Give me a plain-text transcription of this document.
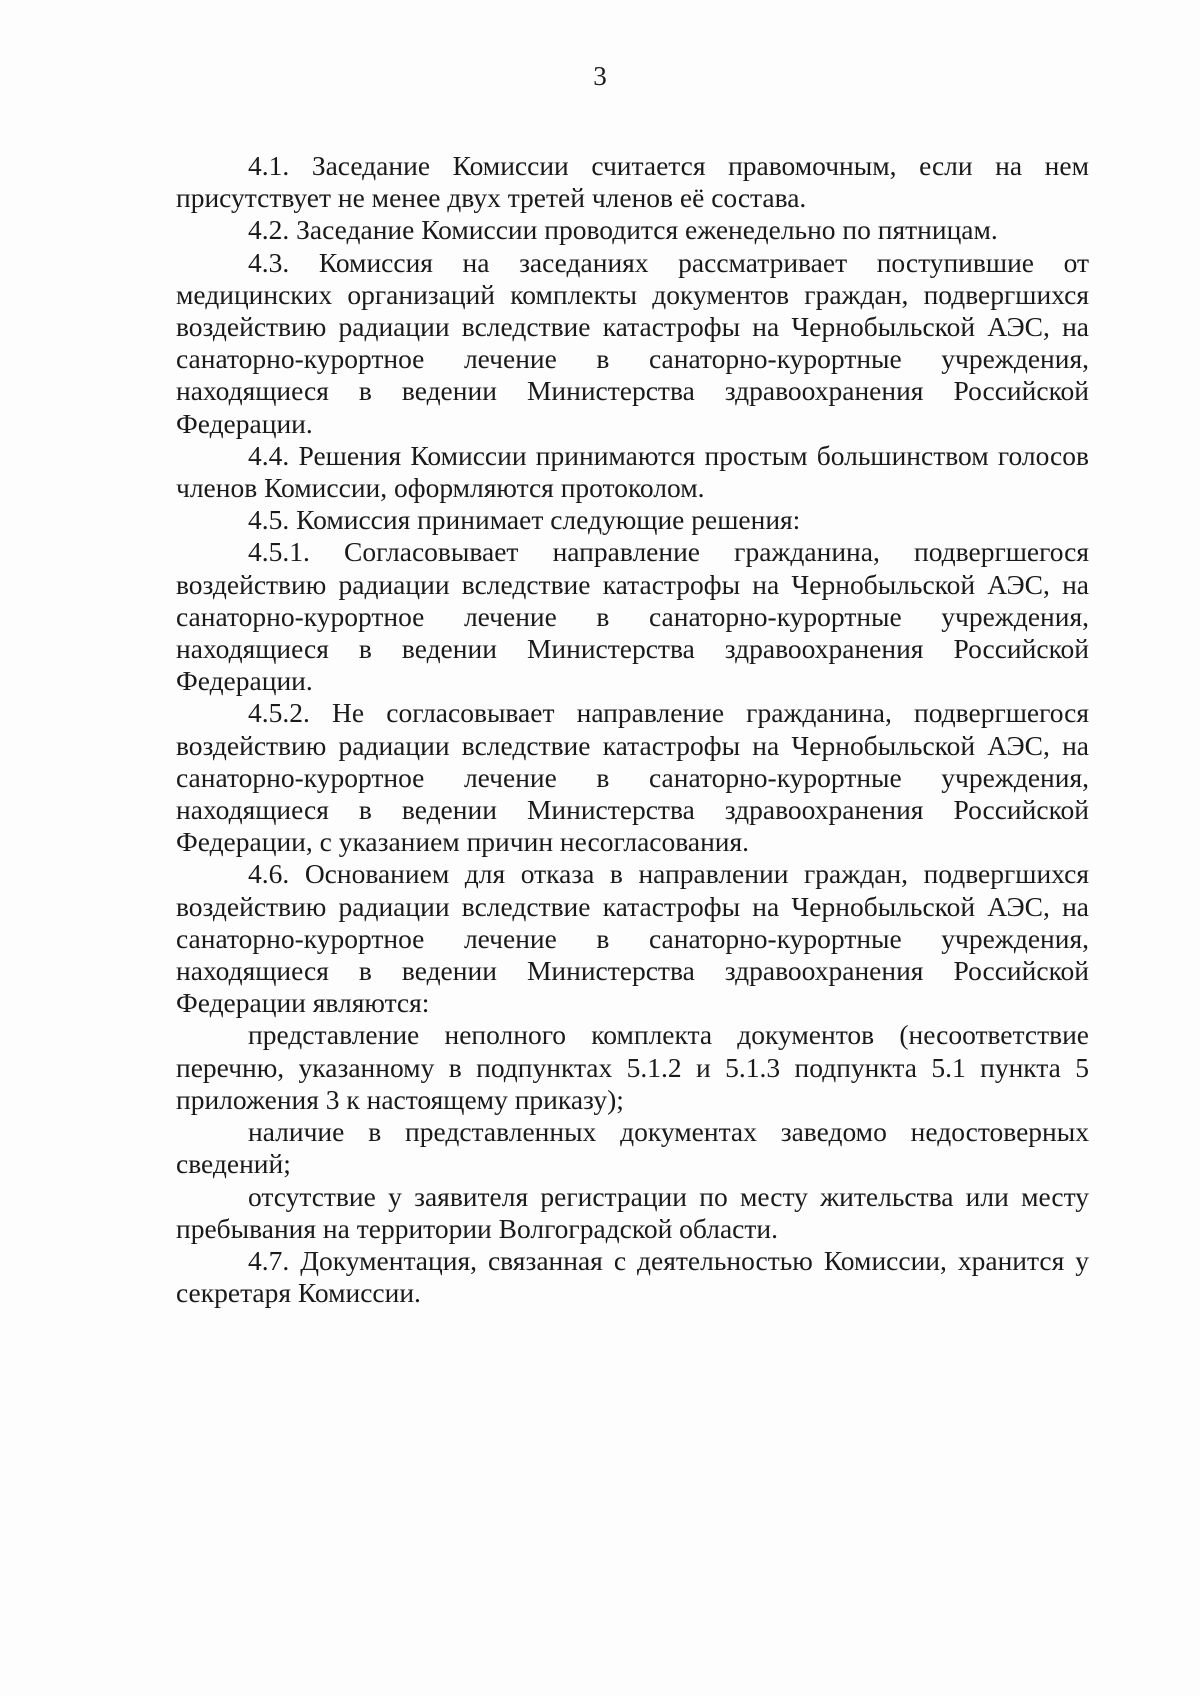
3

4.1. Заседание Комиссии считается правомочным, если на нем присутствует не менее двух третей членов её состава.

4.2. Заседание Комиссии проводится еженедельно по пятницам.

4.3. Комиссия на заседаниях рассматривает поступившие от медицинских организаций комплекты документов граждан, подвергшихся воздействию радиации вследствие катастрофы на Чернобыльской АЭС, на санаторно-курортное лечение в санаторно-курортные учреждения, находящиеся в ведении Министерства здравоохранения Российской Федерации.

4.4. Решения Комиссии принимаются простым большинством голосов членов Комиссии, оформляются протоколом.

4.5. Комиссия принимает следующие решения:

4.5.1. Согласовывает направление гражданина, подвергшегося воздействию радиации вследствие катастрофы на Чернобыльской АЭС, на санаторно-курортное лечение в санаторно-курортные учреждения, находящиеся в ведении Министерства здравоохранения Российской Федерации.

4.5.2. Не согласовывает направление гражданина, подвергшегося воздействию радиации вследствие катастрофы на Чернобыльской АЭС, на санаторно-курортное лечение в санаторно-курортные учреждения, находящиеся в ведении Министерства здравоохранения Российской Федерации, с указанием причин несогласования.

4.6. Основанием для отказа в направлении граждан, подвергшихся воздействию радиации вследствие катастрофы на Чернобыльской АЭС, на санаторно-курортное лечение в санаторно-курортные учреждения, находящиеся в ведении Министерства здравоохранения Российской Федерации являются:

представление неполного комплекта документов (несоответствие перечню, указанному в подпунктах 5.1.2 и 5.1.3 подпункта 5.1 пункта 5 приложения 3 к настоящему приказу);

наличие в представленных документах заведомо недостоверных сведений;

отсутствие у заявителя регистрации по месту жительства или месту пребывания на территории Волгоградской области.

4.7. Документация, связанная с деятельностью Комиссии, хранится у секретаря Комиссии.
